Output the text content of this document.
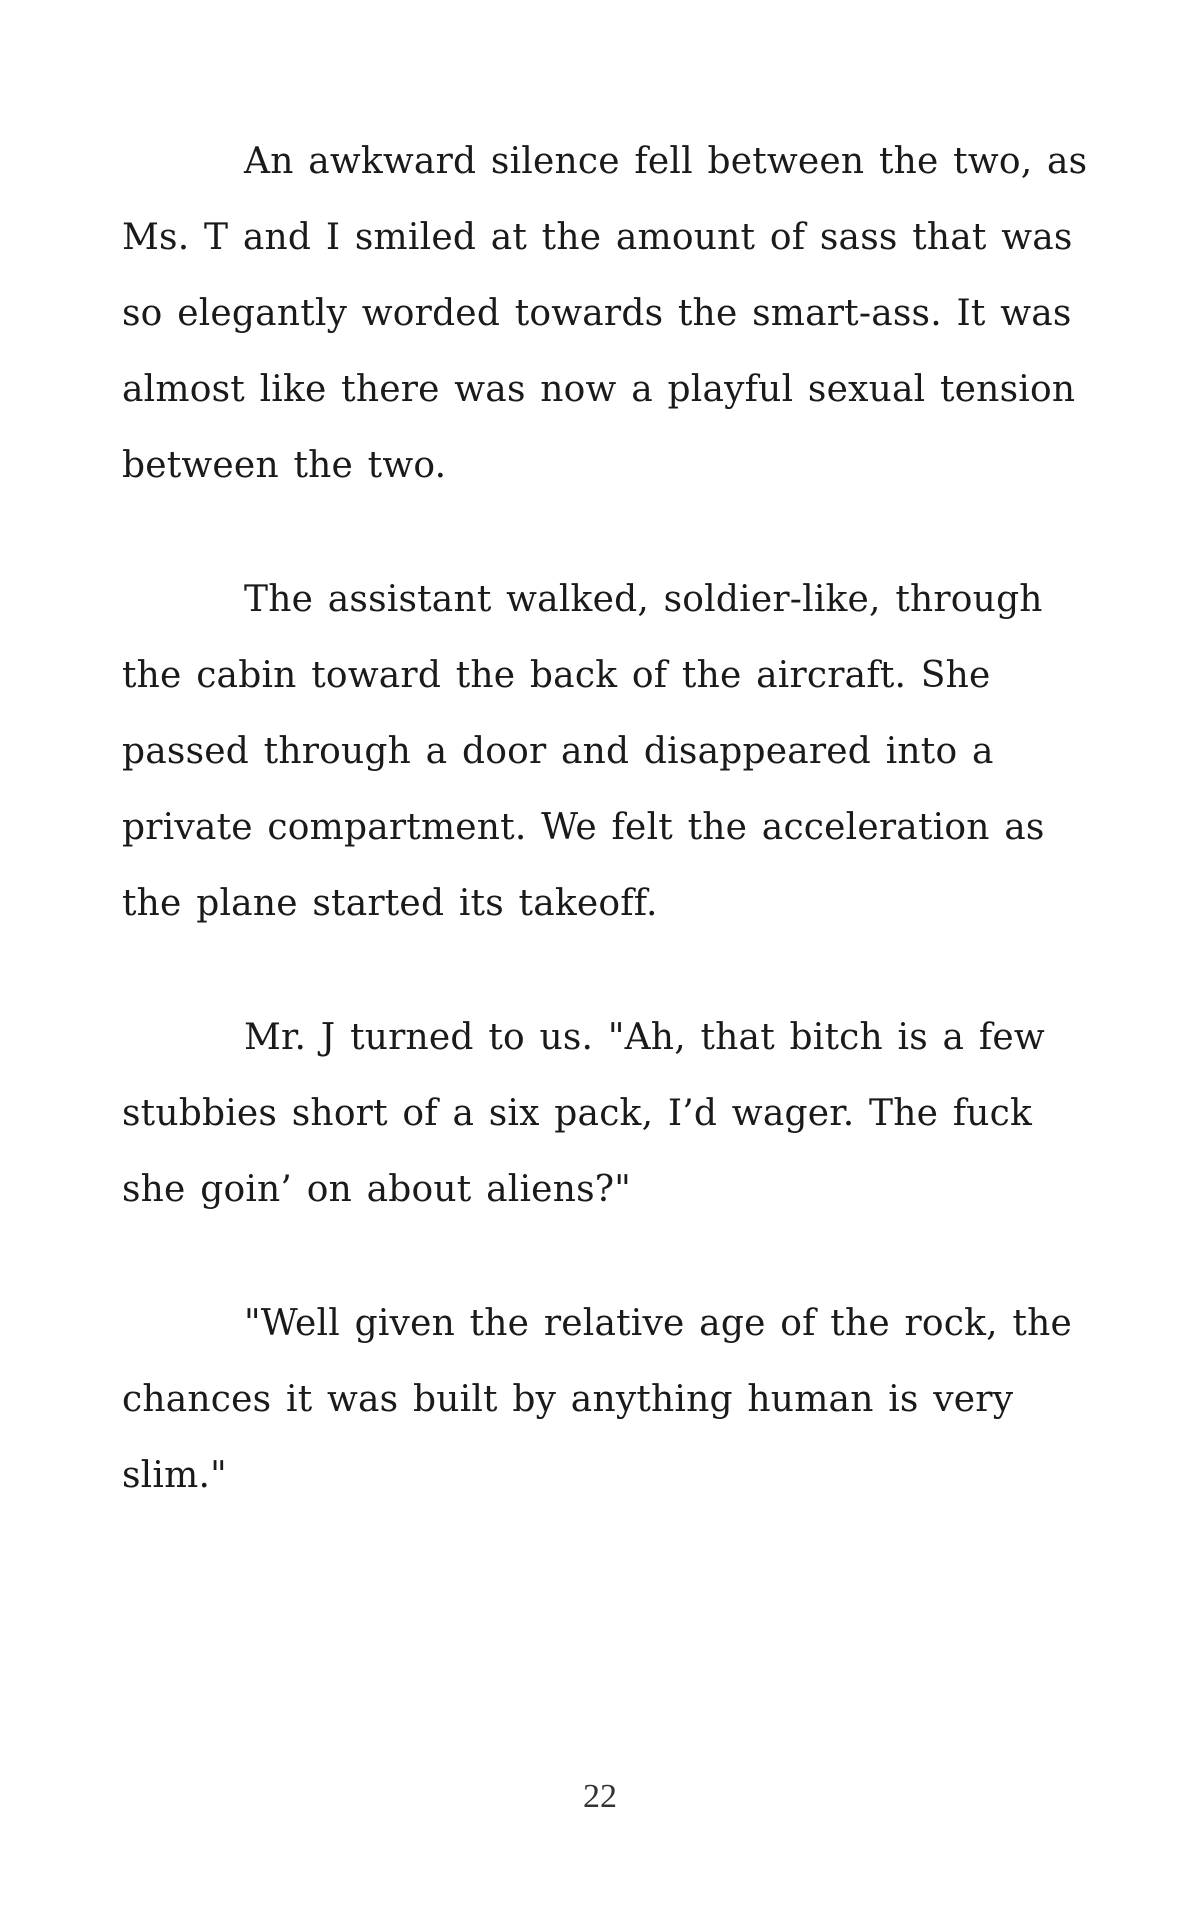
An awkward silence fell between the two, as Ms. T and I smiled at the amount of sass that was so elegantly worded towards the smart-ass. It was almost like there was now a playful sexual tension between the two.

The assistant walked, soldier-like, through the cabin toward the back of the aircraft. She passed through a door and disappeared into a private compartment. We felt the acceleration as the plane started its takeoff.

Mr. J turned to us. "Ah, that bitch is a few stubbies short of a six pack, I’d wager. The fuck she goin’ on about aliens?"

"Well given the relative age of the rock, the chances it was built by anything human is very slim."

22
